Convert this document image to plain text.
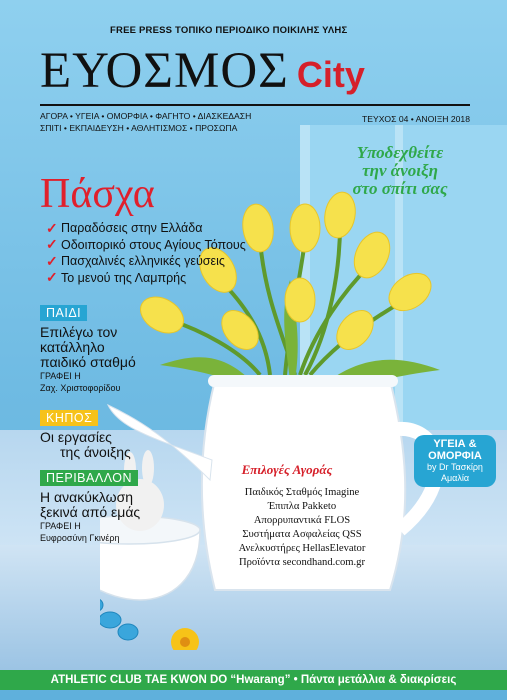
FREE PRESS ΤΟΠΙΚΟ ΠΕΡΙΟΔΙΚΟ ΠΟΙΚΙΛΗΣ ΥΛΗΣ
ΕΥΟΣΜΟΣ City
ΑΓΟΡΑ • ΥΓΕΙΑ • ΟΜΟΡΦΙΑ • ΦΑΓΗΤΟ • ΔΙΑΣΚΕΔΑΣΗ
ΣΠΙΤΙ • ΕΚΠΑΙΔΕΥΣΗ • ΑΘΛΗΤΙΣΜΟΣ • ΠΡΟΣΩΠΑ
ΤΕΥΧΟΣ 04 • ΑΝΟΙΞΗ 2018
Υποδεχθείτε
την άνοιξη
στο σπίτι σας
Πάσχα
✓ Παραδόσεις στην Ελλάδα
✓ Οδοιπορικό στους Αγίους Τόπους
✓ Πασχαλινές ελληνικές γεύσεις
✓ Το μενού της Λαμπρής
ΠΑΙΔΙ
Επιλέγω τον
κατάλληλο
παιδικό σταθμό
ΓΡΑΦΕΙ Η
Ζαχ. Χριστοφορίδου
ΚΗΠΟΣ
Οι εργασίες
της άνοιξης
ΠΕΡΙΒΑΛΛΟΝ
Η ανακύκλωση
ξεκινά από εμάς
ΓΡΑΦΕΙ Η
Ευφροσύνη Γκινέρη
ΥΓΕΙΑ &
ΟΜΟΡΦΙΑ
by Dr Τασκίρη
Αμαλία
Επιλογές Αγοράς
Παιδικός Σταθμός Imagine
Έπιπλα Pakketo
Απορρυπαντικά FLOS
Συστήματα Ασφαλείας QSS
Ανελκυστήρες HellasElevator
Προϊόντα secondhand.com.gr
ATHLETIC CLUB TAE KWON DO “Hwarang” • Πάντα μετάλλια & διακρίσεις
